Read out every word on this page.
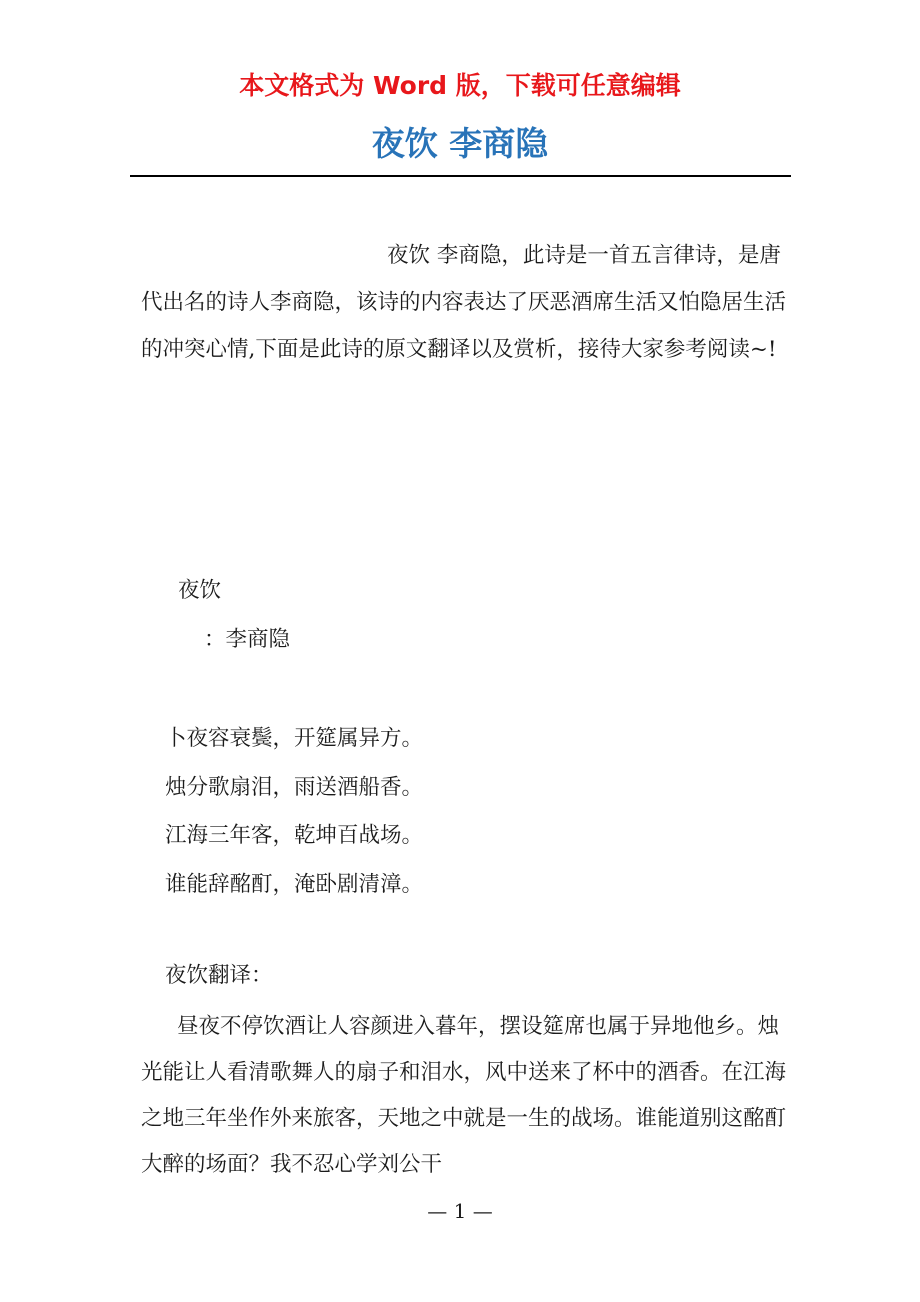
本文格式为 Word 版，下载可任意编辑

夜饮 李商隐

夜饮 李商隐，此诗是一首五言律诗，是唐代出名的诗人李商隐，该诗的内容表达了厌恶酒席生活又怕隐居生活的冲突心情,下面是此诗的原文翻译以及赏析，接待大家参考阅读~!

夜饮

：李商隐

卜夜容衰鬓，开筵属异方。
烛分歌扇泪，雨送酒船香。
江海三年客，乾坤百战场。
谁能辞酩酊，淹卧剧清漳。

夜饮翻译：

昼夜不停饮酒让人容颜进入暮年，摆设筵席也属于异地他乡。烛光能让人看清歌舞人的扇子和泪水，风中送来了杯中的酒香。在江海之地三年坐作外来旅客，天地之中就是一生的战场。谁能道别这酩酊大醉的场面？我不忍心学刘公干

— 1 —
